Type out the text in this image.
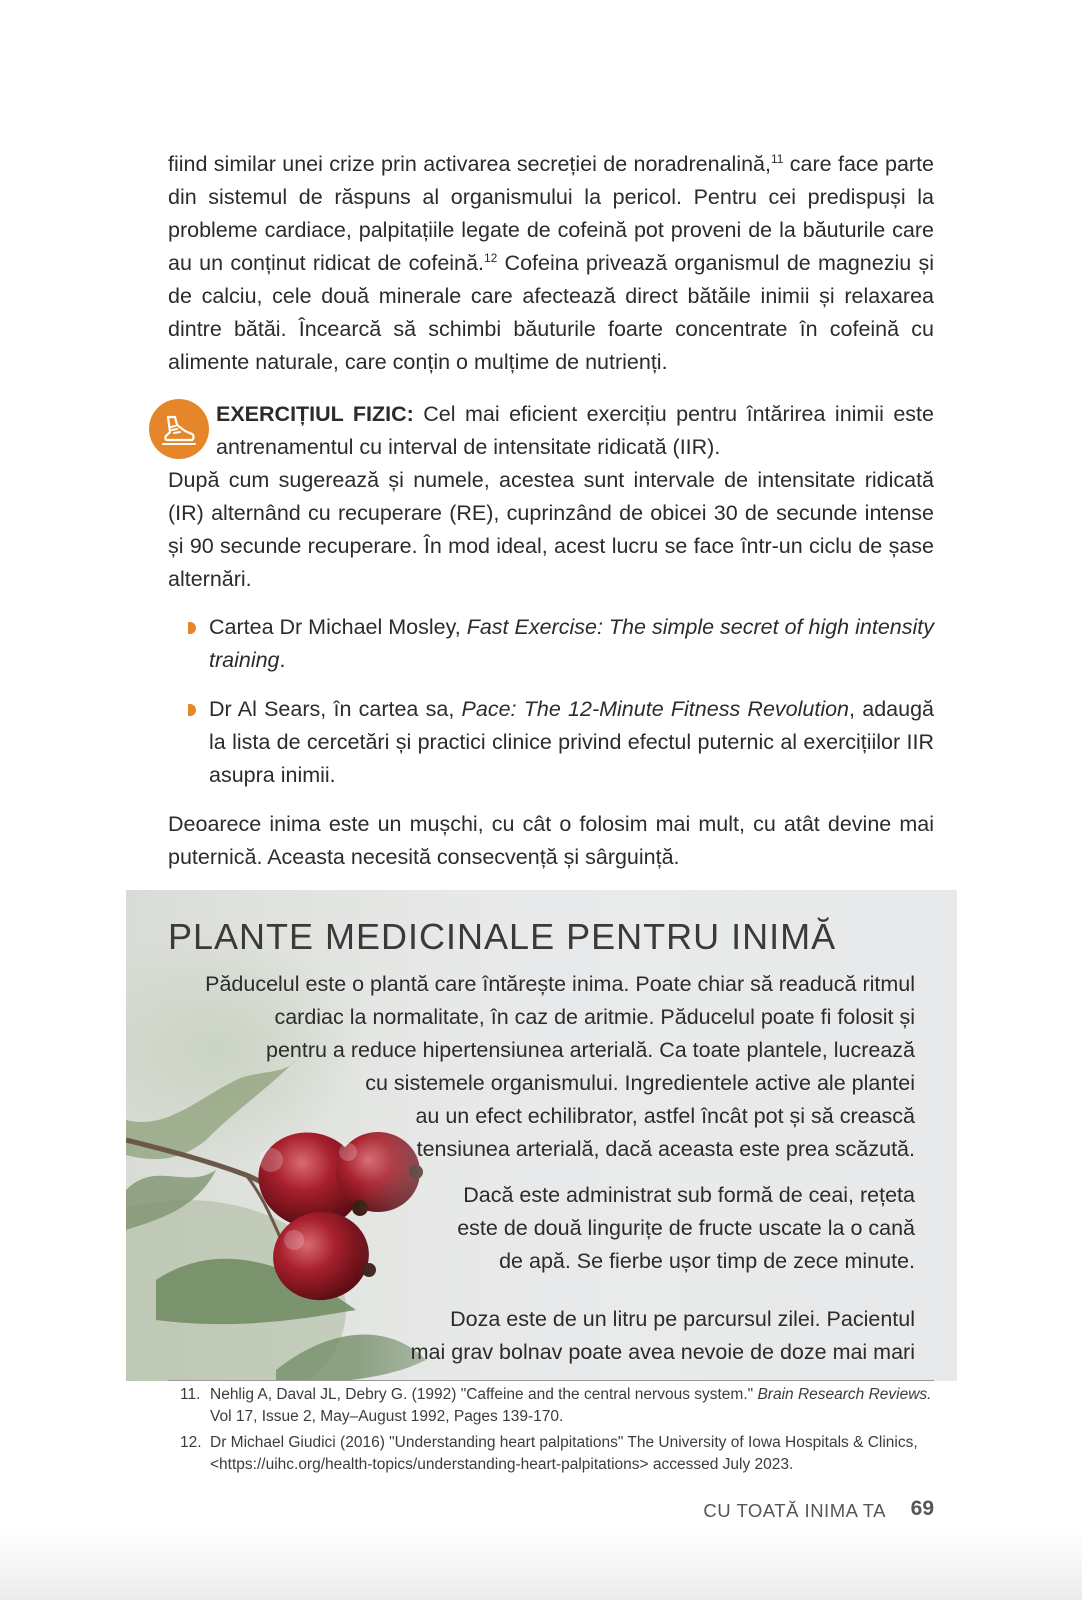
fiind similar unei crize prin activarea secreției de noradrenalină,$^{11}$ care face parte din sistemul de răspuns al organismului la pericol. Pentru cei predispuși la probleme cardiace, palpitațiile legate de cofeină pot proveni de la băuturile care au un conținut ridicat de cofeină.$^{12}$ Cofeina privează organismul de magneziu și de calciu, cele două minerale care afectează direct bătăile inimii și relaxarea dintre bătăi. Încearcă să schimbi băuturile foarte concentrate în cofeină cu alimente naturale, care conțin o mulțime de nutrienți.

EXERCIȚIUL FIZIC: Cel mai eficient exercițiu pentru întărirea inimii este antrenamentul cu interval de intensitate ridicată (IIR).

După cum sugerează și numele, acestea sunt intervale de intensitate ridicată (IR) alternând cu recuperare (RE), cuprinzând de obicei 30 de secunde intense și 90 secunde recuperare. În mod ideal, acest lucru se face într-un ciclu de șase alternări.

Cartea Dr Michael Mosley, Fast Exercise: The simple secret of high intensity training.
Dr Al Sears, în cartea sa, Pace: The 12-Minute Fitness Revolution, adaugă la lista de cercetări și practici clinice privind efectul puternic al exercițiilor IIR asupra inimii.

Deoarece inima este un mușchi, cu cât o folosim mai mult, cu atât devine mai puternică. Aceasta necesită consecvență și sârguință.

PLANTE MEDICINALE PENTRU INIMĂ

Păducelul este o plantă care întărește inima. Poate chiar să readucă ritmul
cardiac la normalitate, în caz de aritmie. Păducelul poate fi folosit și
pentru a reduce hipertensiunea arterială. Ca toate plantele, lucrează
cu sistemele organismului. Ingredientele active ale plantei
au un efect echilibrator, astfel încât pot și să crească
tensiunea arterială, dacă aceasta este prea scăzută.

Dacă este administrat sub formă de ceai, rețeta
este de două lingurițe de fructe uscate la o cană
de apă. Se fierbe ușor timp de zece minute.

Doza este de un litru pe parcursul zilei. Pacientul
mai grav bolnav poate avea nevoie de doze mai mari

11. Nehlig A, Daval JL, Debry G. (1992) "Caffeine and the central nervous system." Brain Research Reviews. Vol 17, Issue 2, May–August 1992, Pages 139-170.

12. Dr Michael Giudici (2016) "Understanding heart palpitations" The University of Iowa Hospitals & Clinics, <https://uihc.org/health-topics/understanding-heart-palpitations> accessed July 2023.

CU TOATĂ INIMA TA 69
